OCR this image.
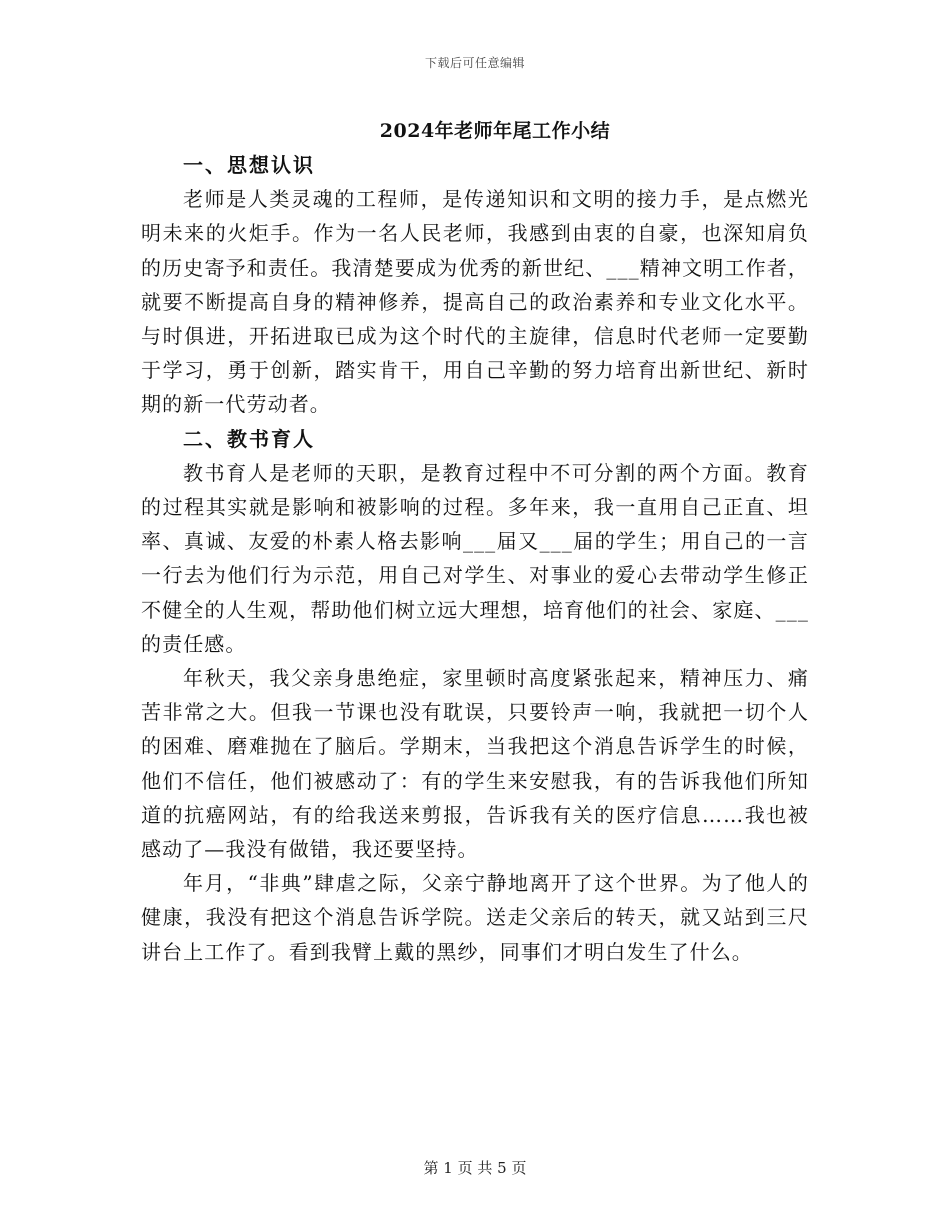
下载后可任意编辑
2024年老师年尾工作小结
一、思想认识

老师是人类灵魂的工程师，是传递知识和文明的接力手，是点燃光明未来的火炬手。作为一名人民老师，我感到由衷的自豪，也深知肩负的历史寄予和责任。我清楚要成为优秀的新世纪、___精神文明工作者，就要不断提高自身的精神修养，提高自己的政治素养和专业文化水平。与时俱进，开拓进取已成为这个时代的主旋律，信息时代老师一定要勤于学习，勇于创新，踏实肯干，用自己辛勤的努力培育出新世纪、新时期的新一代劳动者。

二、教书育人

教书育人是老师的天职，是教育过程中不可分割的两个方面。教育的过程其实就是影响和被影响的过程。多年来，我一直用自己正直、坦率、真诚、友爱的朴素人格去影响___届又___届的学生；用自己的一言一行去为他们行为示范，用自己对学生、对事业的爱心去带动学生修正不健全的人生观，帮助他们树立远大理想，培育他们的社会、家庭、___的责任感。

年秋天，我父亲身患绝症，家里顿时高度紧张起来，精神压力、痛苦非常之大。但我一节课也没有耽误，只要铃声一响，我就把一切个人的困难、磨难抛在了脑后。学期末，当我把这个消息告诉学生的时候，他们不信任，他们被感动了：有的学生来安慰我，有的告诉我他们所知道的抗癌网站，有的给我送来剪报，告诉我有关的医疗信息……我也被感动了—我没有做错，我还要坚持。

年月，“非典”肆虐之际，父亲宁静地离开了这个世界。为了他人的健康，我没有把这个消息告诉学院。送走父亲后的转天，就又站到三尺讲台上工作了。看到我臂上戴的黑纱，同事们才明白发生了什么。

第 1 页 共 5 页
